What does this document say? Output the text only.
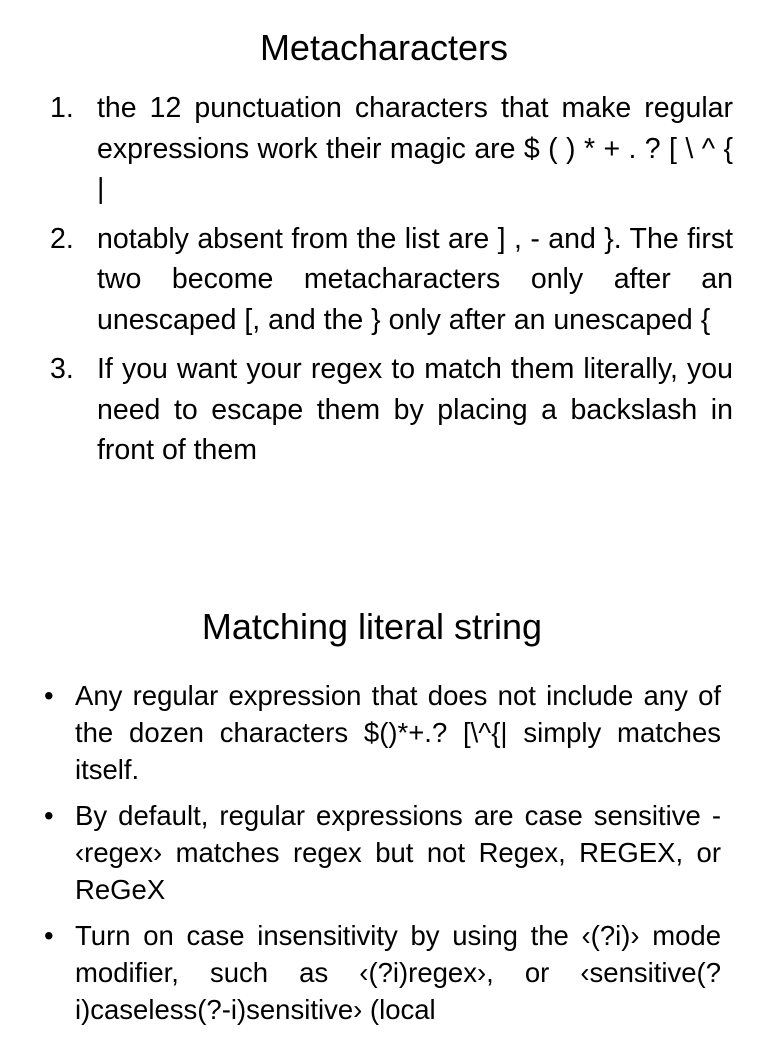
Metacharacters
1. the 12 punctuation characters that make regular expressions work their magic are $ ( ) * + . ? [ \ ^ { |
2. notably absent from the list are ] , - and }. The first two become metacharacters only after an unescaped [, and the } only after an unescaped {
3. If you want your regex to match them literally, you need to escape them by placing a backslash in front of them
Matching literal string
• Any regular expression that does not include any of the dozen characters $()*+.? [\^{| simply matches itself.
• By default, regular expressions are case sensitive - ‹regex› matches regex but not Regex, REGEX, or ReGeX
• Turn on case insensitivity by using the ‹(?i)› mode modifier, such as ‹(?i)regex›, or ‹sensitive(?i)caseless(?-i)sensitive› (local
